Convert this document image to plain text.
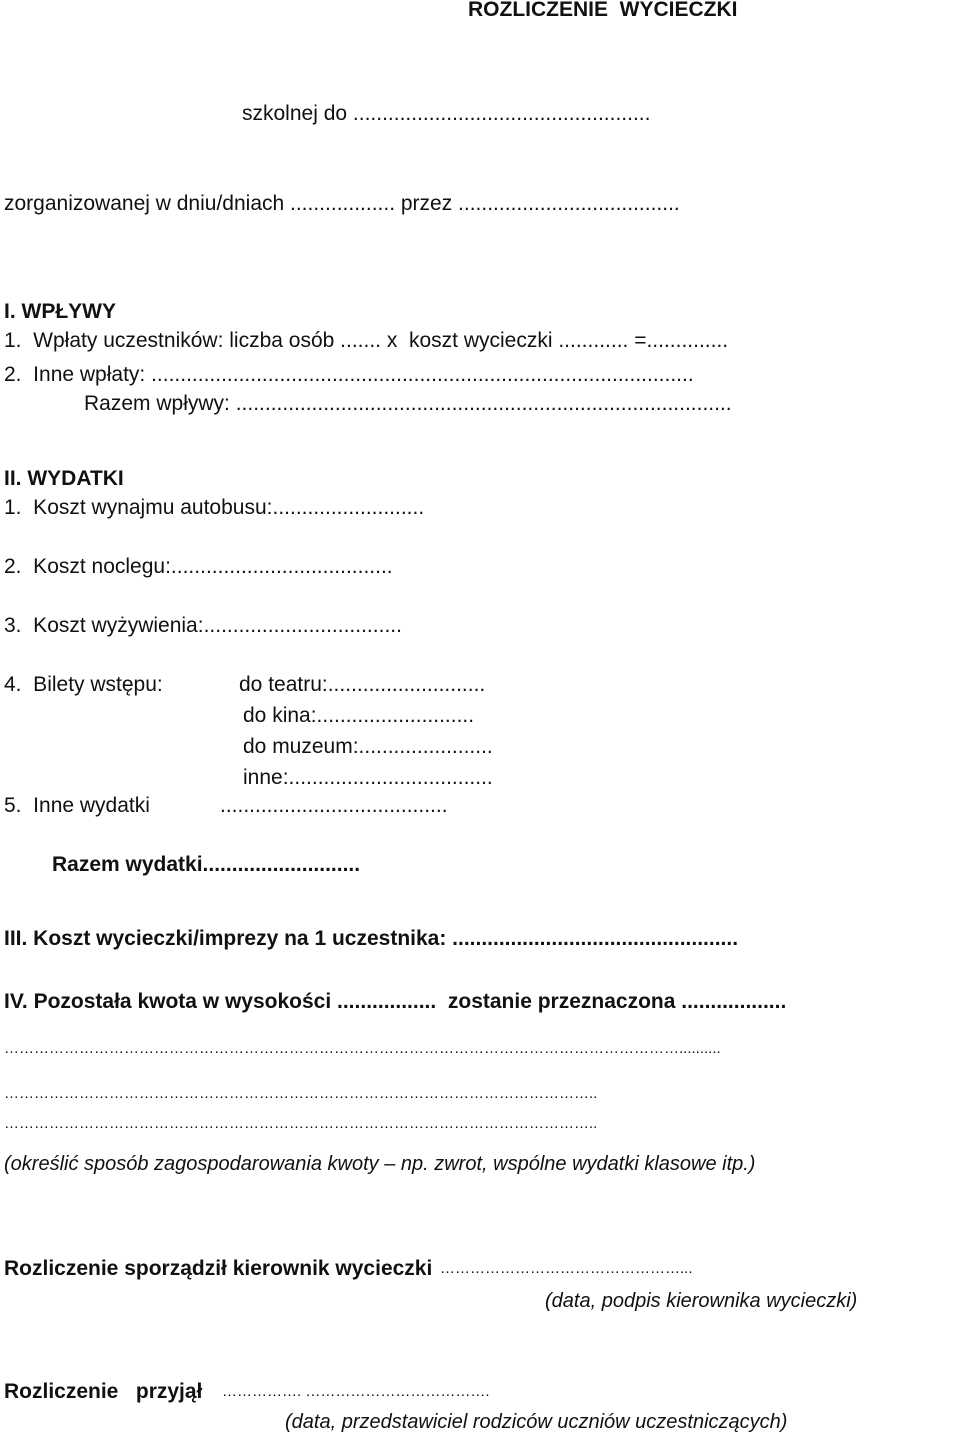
ROZLICZENIE  WYCIECZKI
szkolnej do ...................................................
zorganizowanej w dniu/dniach .................. przez ......................................
I. WPŁYWY
1.  Wpłaty uczestników: liczba osób ....... x  koszt wycieczki ............ =..............
2.  Inne wpłaty: .............................................................................................
Razem wpływy: .....................................................................................
II. WYDATKI
1.  Koszt wynajmu autobusu:..........................
2.  Koszt noclegu:......................................
3.  Koszt wyżywienia:..................................
4.  Bilety wstępu:	do teatru:...........................
do kina:...........................
do muzeum:.......................
inne:...................................
5.  Inne wydatki	.......................................
Razem wydatki...........................
III. Koszt wycieczki/imprezy na 1 uczestnika: .................................................
IV. Pozostała kwota w wysokości .................  zostanie przeznaczona ..................
………………………………………………………………………………………………………………………..........
………………………………………………………………………………………………………..
………………………………………………………………………………………………………..
(określić sposób zagospodarowania kwoty – np. zwrot, wspólne wydatki klasowe itp.)
Rozliczenie sporządził kierownik wycieczki …………………………………………...
(data, podpis kierownika wycieczki)
Rozliczenie   przyjął ……………. ……………………………….
(data, przedstawiciel rodziców uczniów uczestniczących)
